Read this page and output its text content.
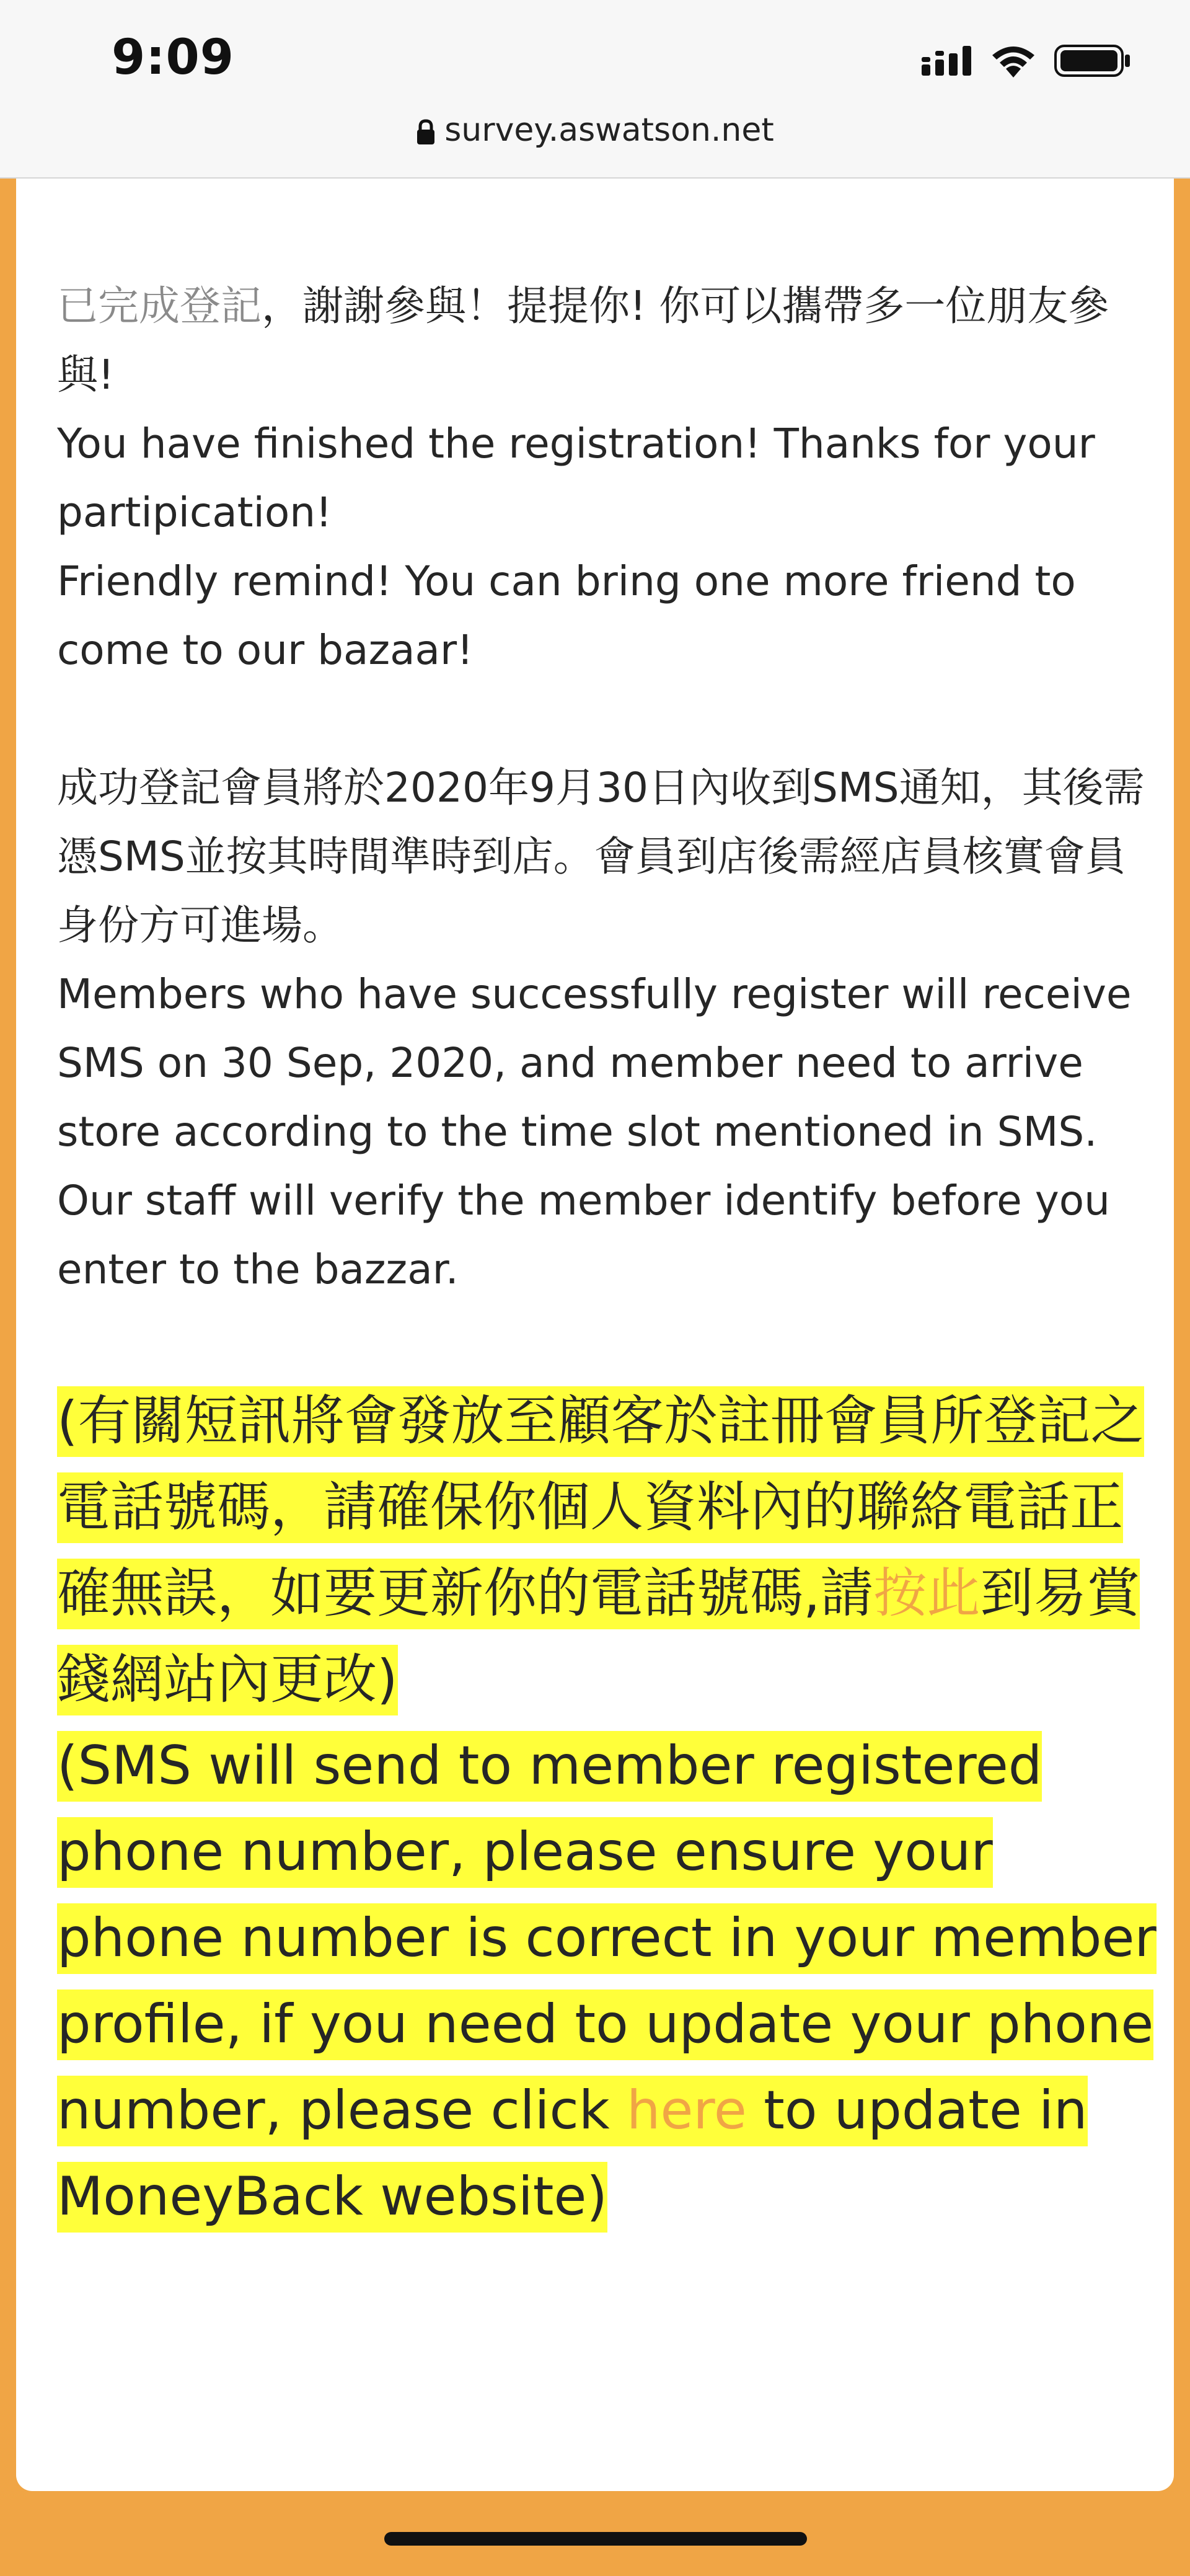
9:09
survey.aswatson.net

已完成登記，謝謝參與！提提你! 你可以攜帶多一位朋友參與!
You have finished the registration! Thanks for your partipication!
Friendly remind! You can bring one more friend to come to our bazaar!

成功登記會員將於2020年9月30日內收到SMS通知，其後需憑SMS並按其時間準時到店。會員到店後需經店員核實會員身份方可進場。
Members who have successfully register will receive SMS on 30 Sep, 2020, and member need to arrive store according to the time slot mentioned in SMS.
Our staff will verify the member identify before you enter to the bazzar.

(有關短訊將會發放至顧客於註冊會員所登記之電話號碼，請確保你個人資料內的聯絡電話正確無誤，如要更新你的電話號碼,請按此到易賞錢網站內更改)
(SMS will send to member registered phone number, please ensure your phone number is correct in your member profile, if you need to update your phone number, please click here to update in MoneyBack website)
